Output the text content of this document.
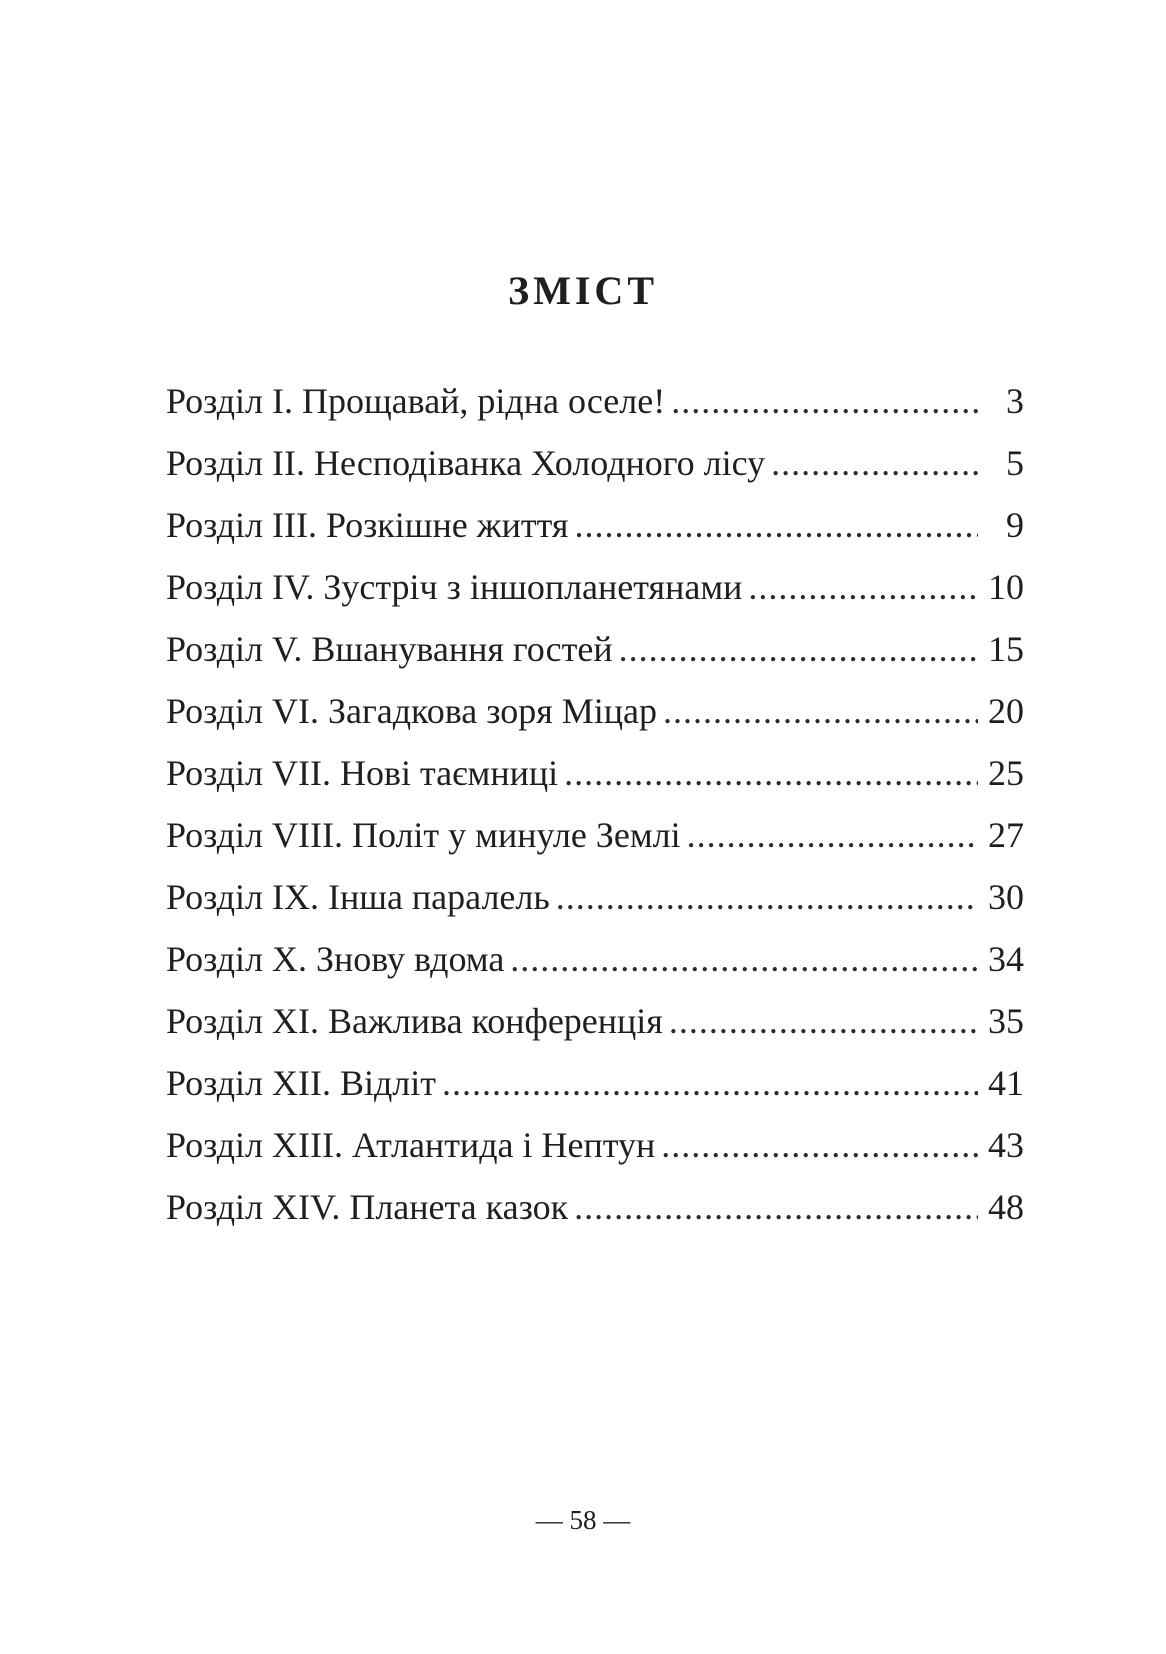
ЗМІСТ
Розділ I. Прощавай, рідна оселе! .....	3
Розділ II. Несподіванка Холодного лісу .....	5
Розділ III. Розкішне життя .....	9
Розділ IV. Зустріч з іншопланетянами .....	10
Розділ V. Вшанування гостей .....	15
Розділ VI. Загадкова зоря Міцар .....	20
Розділ VII. Нові таємниці .....	25
Розділ VIII. Політ у минуле Землі .....	27
Розділ IX. Інша паралель .....	30
Розділ X. Знову вдома .....	34
Розділ XI. Важлива конференція .....	35
Розділ XII. Відліт .....	41
Розділ XIII. Атлантида і Нептун .....	43
Розділ XIV. Планета казок .....	48
— 58 —
